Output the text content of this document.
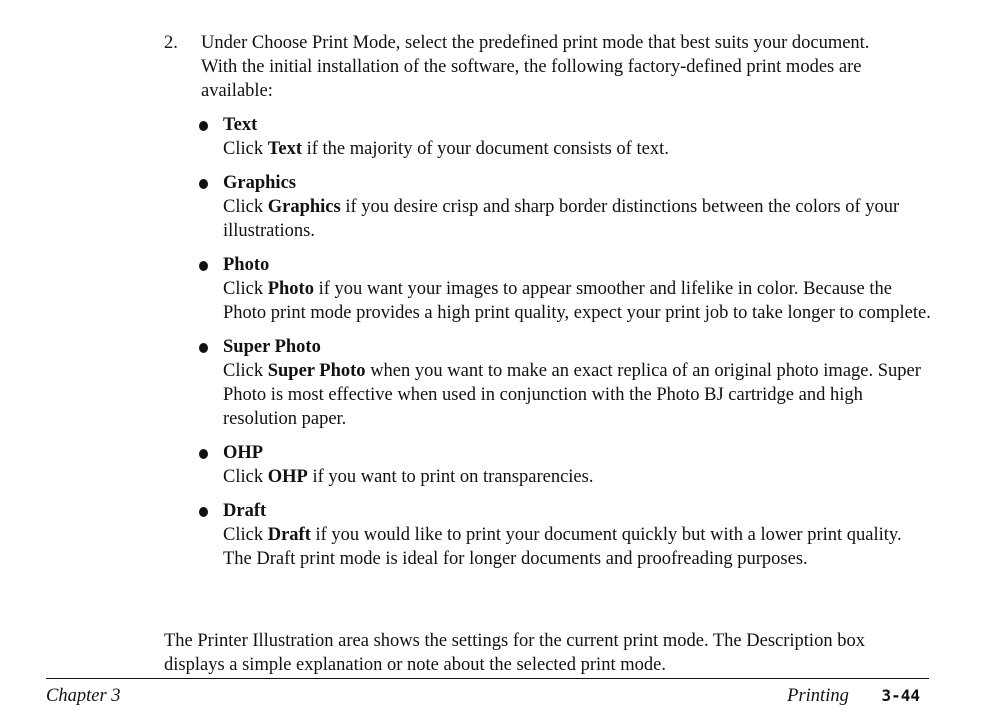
2. Under Choose Print Mode, select the predefined print mode that best suits your document. With the initial installation of the software, the following factory-defined print modes are available:
Text
Click Text if the majority of your document consists of text.
Graphics
Click Graphics if you desire crisp and sharp border distinctions between the colors of your illustrations.
Photo
Click Photo if you want your images to appear smoother and lifelike in color. Because the Photo print mode provides a high print quality, expect your print job to take longer to complete.
Super Photo
Click Super Photo when you want to make an exact replica of an original photo image. Super Photo is most effective when used in conjunction with the Photo BJ cartridge and high resolution paper.
OHP
Click OHP if you want to print on transparencies.
Draft
Click Draft if you would like to print your document quickly but with a lower print quality. The Draft print mode is ideal for longer documents and proofreading purposes.
The Printer Illustration area shows the settings for the current print mode. The Description box displays a simple explanation or note about the selected print mode.
Chapter 3	Printing 3-44
